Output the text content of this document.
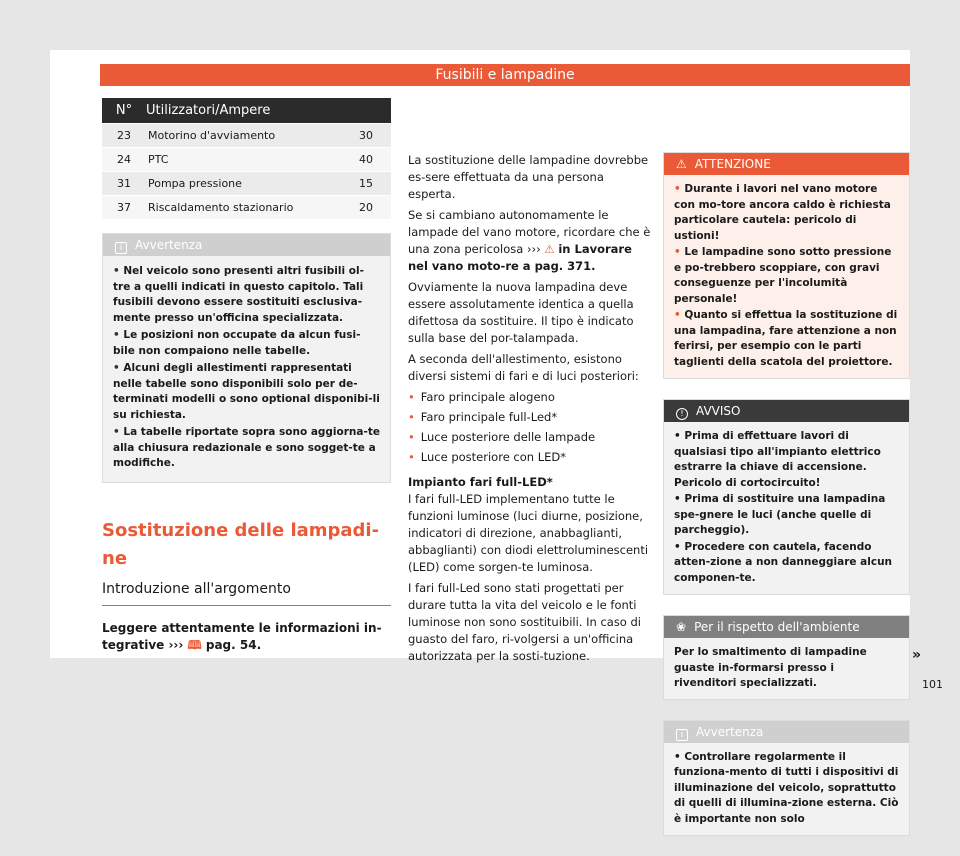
Fusibili e lampadine
N°	Utilizzatori/Ampere	
23	Motorino d'avviamento	30
24	PTC	40
31	Pompa pressione	15
37	Riscaldamento stazionario	20
i Avvertenza

• Nel veicolo sono presenti altri fusibili ol-tre a quelli indicati in questo capitolo. Tali fusibili devono essere sostituiti esclusiva-mente presso un'officina specializzata.

• Le posizioni non occupate da alcun fusi-bile non compaiono nelle tabelle.

• Alcuni degli allestimenti rappresentati nelle tabelle sono disponibili solo per de-terminati modelli o sono optional disponibi-li su richiesta.

• La tabelle riportate sopra sono aggiorna-te alla chiusura redazionale e sono sogget-te a modifiche.

Sostituzione delle lampadi-ne
Introduzione all'argomento

Leggere attentamente le informazioni in-tegrative ››› 🕮 pag. 54.

La sostituzione delle lampadine dovrebbe es-sere effettuata da una persona esperta.

Se si cambiano autonomamente le lampade del vano motore, ricordare che è una zona pericolosa ››› ⚠ in Lavorare nel vano moto-re a pag. 371.

Ovviamente la nuova lampadina deve essere assolutamente identica a quella difettosa da sostituire. Il tipo è indicato sulla base del por-talampada.

A seconda dell'allestimento, esistono diversi sistemi di fari e di luci posteriori:

• Faro principale alogeno
• Faro principale full-Led*
• Luce posteriore delle lampade
• Luce posteriore con LED*
Impianto fari full-LED*

I fari full-LED implementano tutte le funzioni luminose (luci diurne, posizione, indicatori di direzione, anabbaglianti, abbaglianti) con diodi elettroluminescenti (LED) come sorgen-te luminosa.

I fari full-Led sono stati progettati per durare tutta la vita del veicolo e le fonti luminose non sono sostituibili. In caso di guasto del faro, ri-volgersi a un'officina autorizzata per la sosti-tuzione.

⚠ ATTENZIONE

• Durante i lavori nel vano motore con mo-tore ancora caldo è richiesta particolare cautela: pericolo di ustioni!

• Le lampadine sono sotto pressione e po-trebbero scoppiare, con gravi conseguenze per l'incolumità personale!

• Quanto si effettua la sostituzione di una lampadina, fare attenzione a non ferirsi, per esempio con le parti taglienti della scatola del proiettore.

! AVVISO

• Prima di effettuare lavori di qualsiasi tipo all'impianto elettrico estrarre la chiave di accensione. Pericolo di cortocircuito!

• Prima di sostituire una lampadina spe-gnere le luci (anche quelle di parcheggio).

• Procedere con cautela, facendo atten-zione a non danneggiare alcun componen-te.

❀ Per il rispetto dell'ambiente
Per lo smaltimento di lampadine guaste in-formarsi presso i rivenditori specializzati.
i Avvertenza

• Controllare regolarmente il funziona-mento di tutti i dispositivi di illuminazione del veicolo, soprattutto di quelli di illumina-zione esterna. Ciò è importante non solo

»
101
